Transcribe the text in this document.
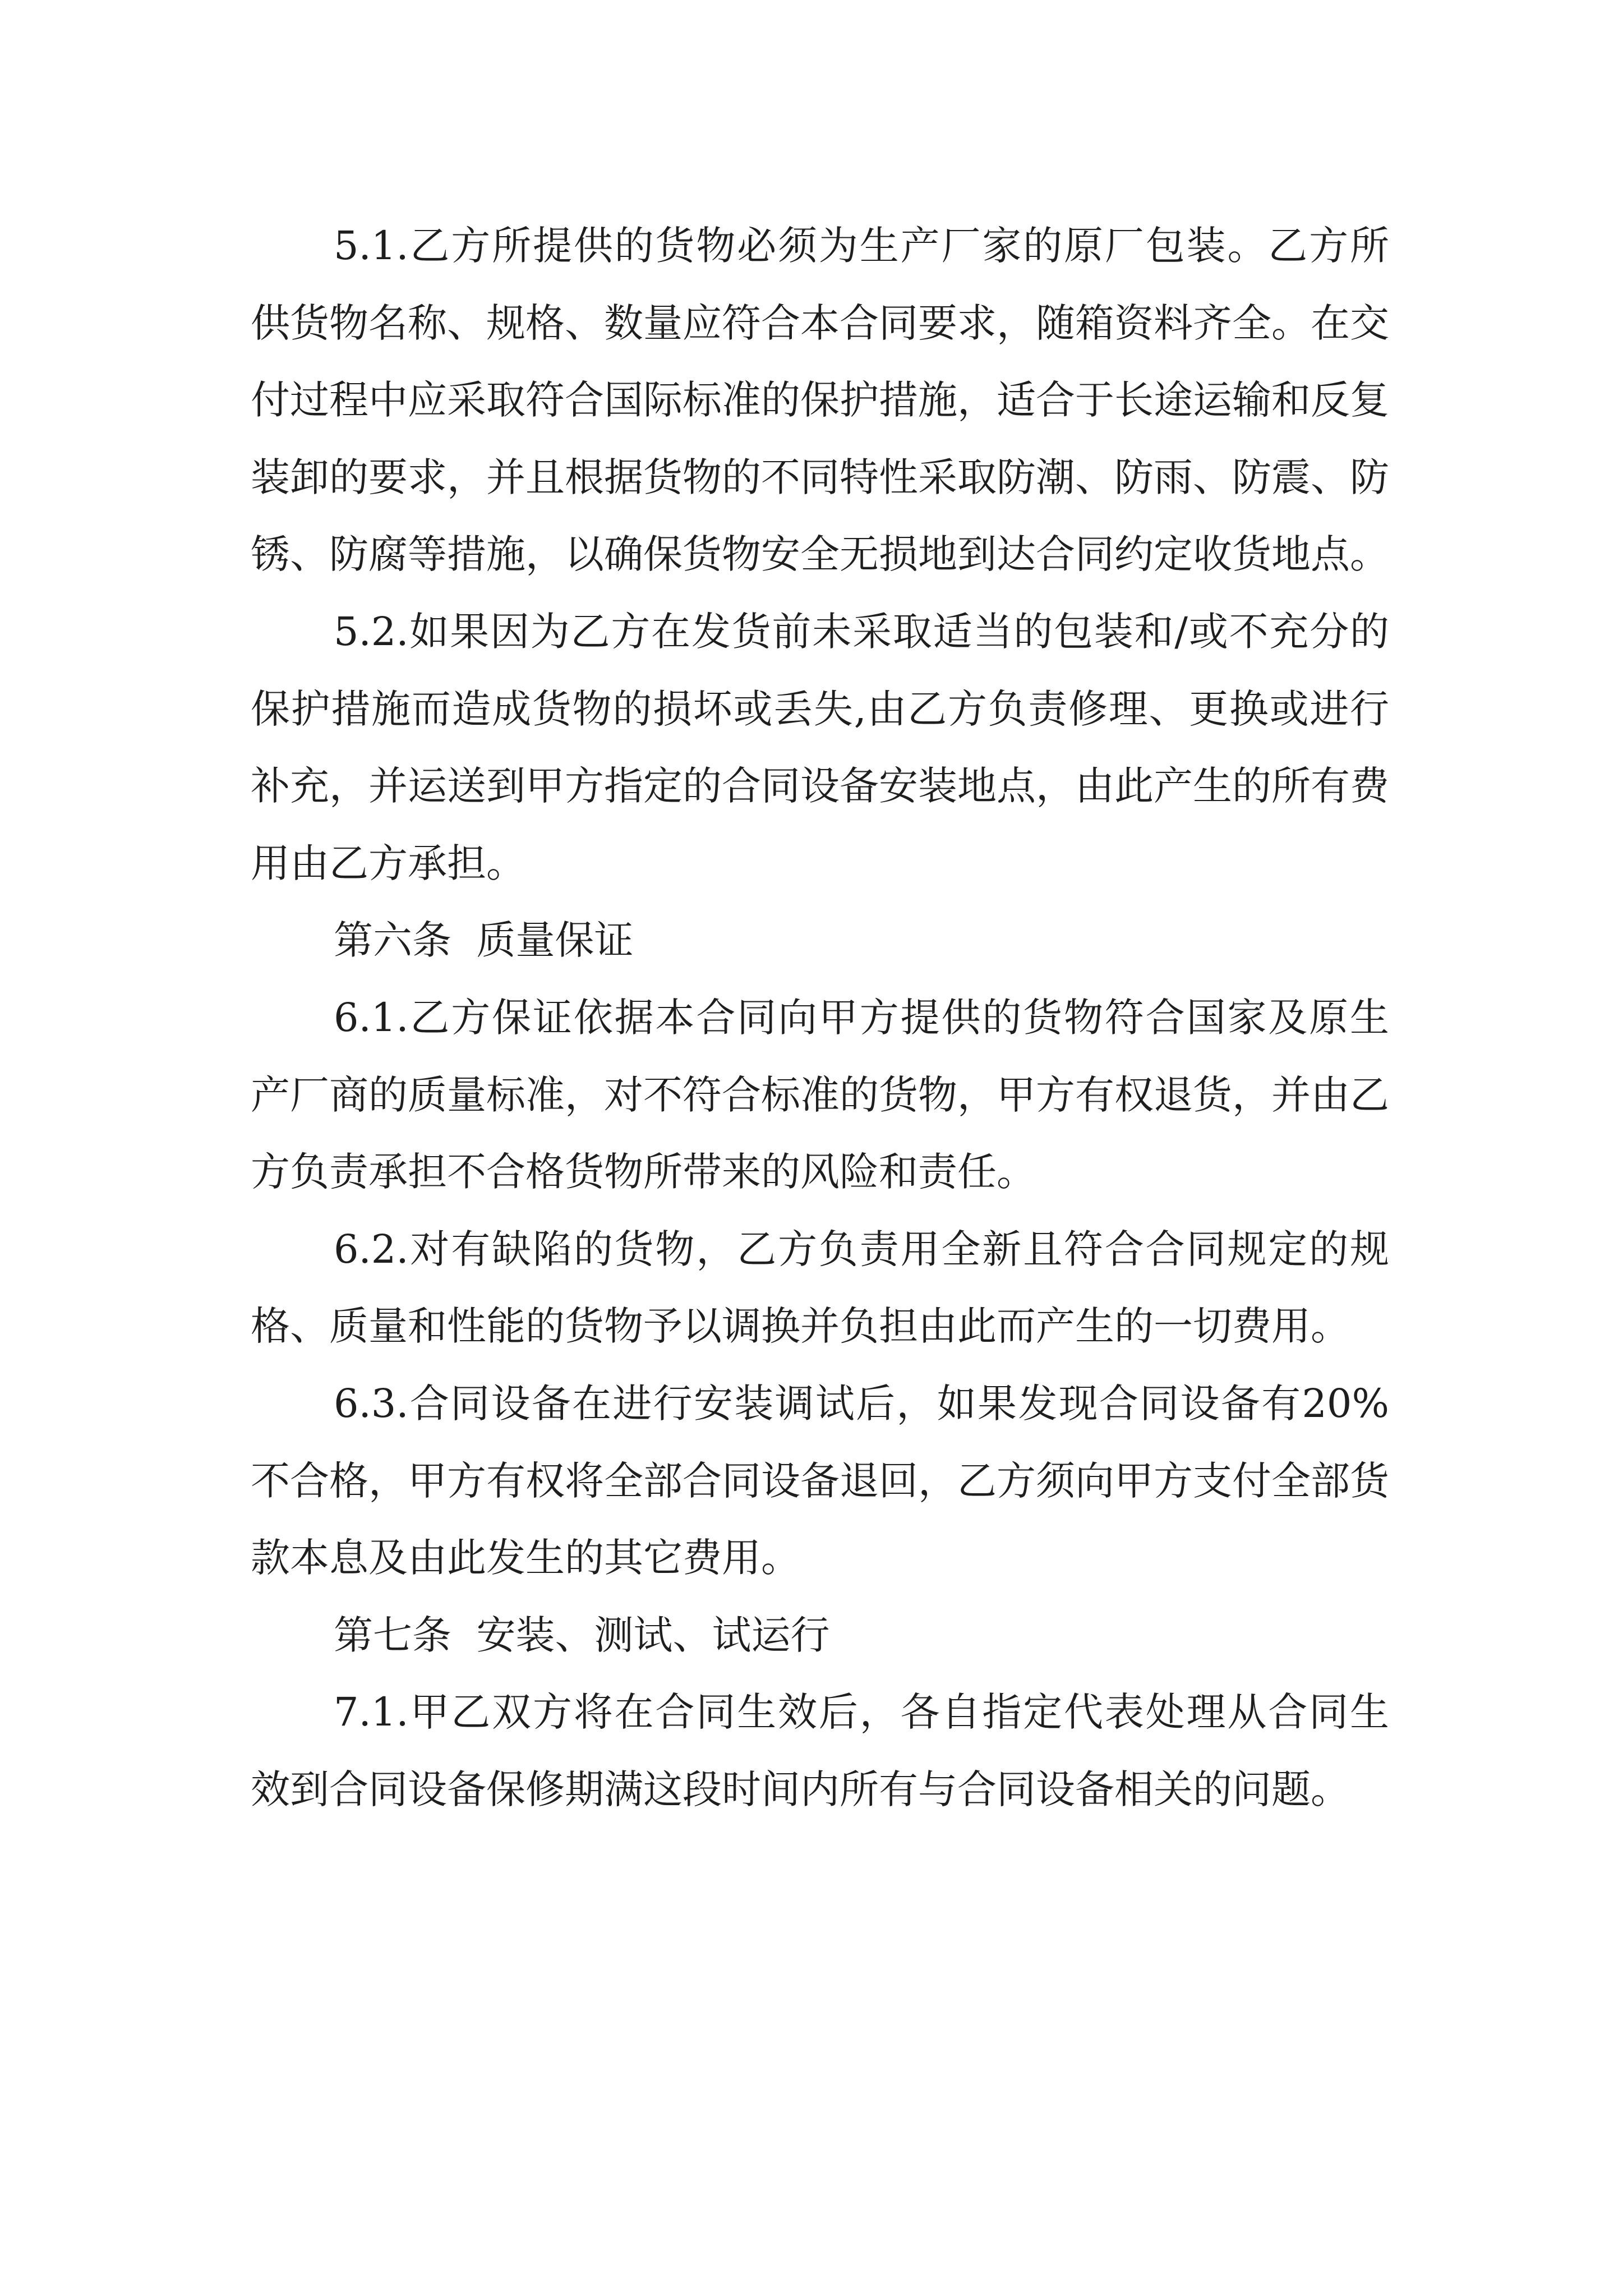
5.1.乙方所提供的货物必须为生产厂家的原厂包装。乙方所供货物名称、规格、数量应符合本合同要求，随箱资料齐全。在交付过程中应采取符合国际标准的保护措施，适合于长途运输和反复装卸的要求，并且根据货物的不同特性采取防潮、防雨、防震、防锈、防腐等措施，以确保货物安全无损地到达合同约定收货地点。

5.2.如果因为乙方在发货前未采取适当的包装和/或不充分的保护措施而造成货物的损坏或丢失,由乙方负责修理、更换或进行补充，并运送到甲方指定的合同设备安装地点，由此产生的所有费用由乙方承担。

第六条  质量保证

6.1.乙方保证依据本合同向甲方提供的货物符合国家及原生产厂商的质量标准，对不符合标准的货物，甲方有权退货，并由乙方负责承担不合格货物所带来的风险和责任。

6.2.对有缺陷的货物，乙方负责用全新且符合合同规定的规格、质量和性能的货物予以调换并负担由此而产生的一切费用。

6.3.合同设备在进行安装调试后，如果发现合同设备有20%不合格，甲方有权将全部合同设备退回，乙方须向甲方支付全部货款本息及由此发生的其它费用。

第七条  安装、测试、试运行

7.1.甲乙双方将在合同生效后，各自指定代表处理从合同生效到合同设备保修期满这段时间内所有与合同设备相关的问题。
